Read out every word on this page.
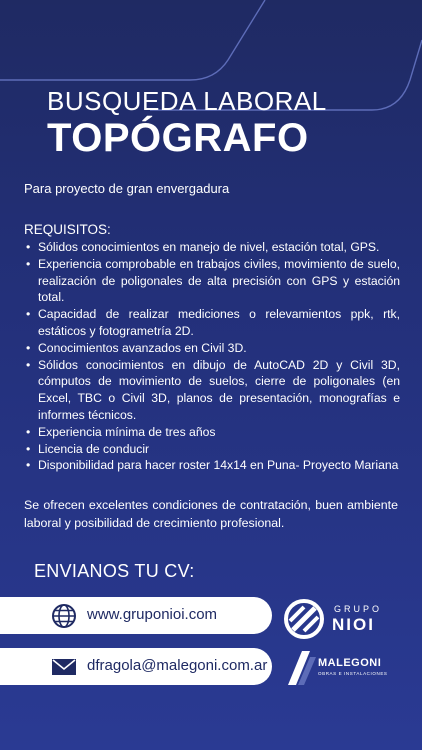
BUSQUEDA LABORAL
TOPÓGRAFO
Para proyecto de gran envergadura
REQUISITOS:
• Sólidos conocimientos en manejo de nivel, estación total, GPS.
• Experiencia comprobable en trabajos civiles, movimiento de suelo, realización de poligonales de alta precisión con GPS y estación total.
• Capacidad de realizar mediciones o relevamientos ppk, rtk, estáticos y fotogrametría 2D.
• Conocimientos avanzados en Civil 3D.
• Sólidos conocimientos en dibujo de AutoCAD 2D y Civil 3D, cómputos de movimiento de suelos, cierre de poligonales (en Excel, TBC o Civil 3D, planos de presentación, monografías e informes técnicos.
• Experiencia mínima de tres años
• Licencia de conducir
• Disponibilidad para hacer roster 14x14 en Puna- Proyecto Mariana
Se ofrecen excelentes condiciones de contratación, buen ambiente laboral y posibilidad de crecimiento profesional.
ENVIANOS TU CV:
www.gruponioi.com
dfragola@malegoni.com.ar
GRUPO
NIOI
MALEGONI
OBRAS E INSTALACIONES
